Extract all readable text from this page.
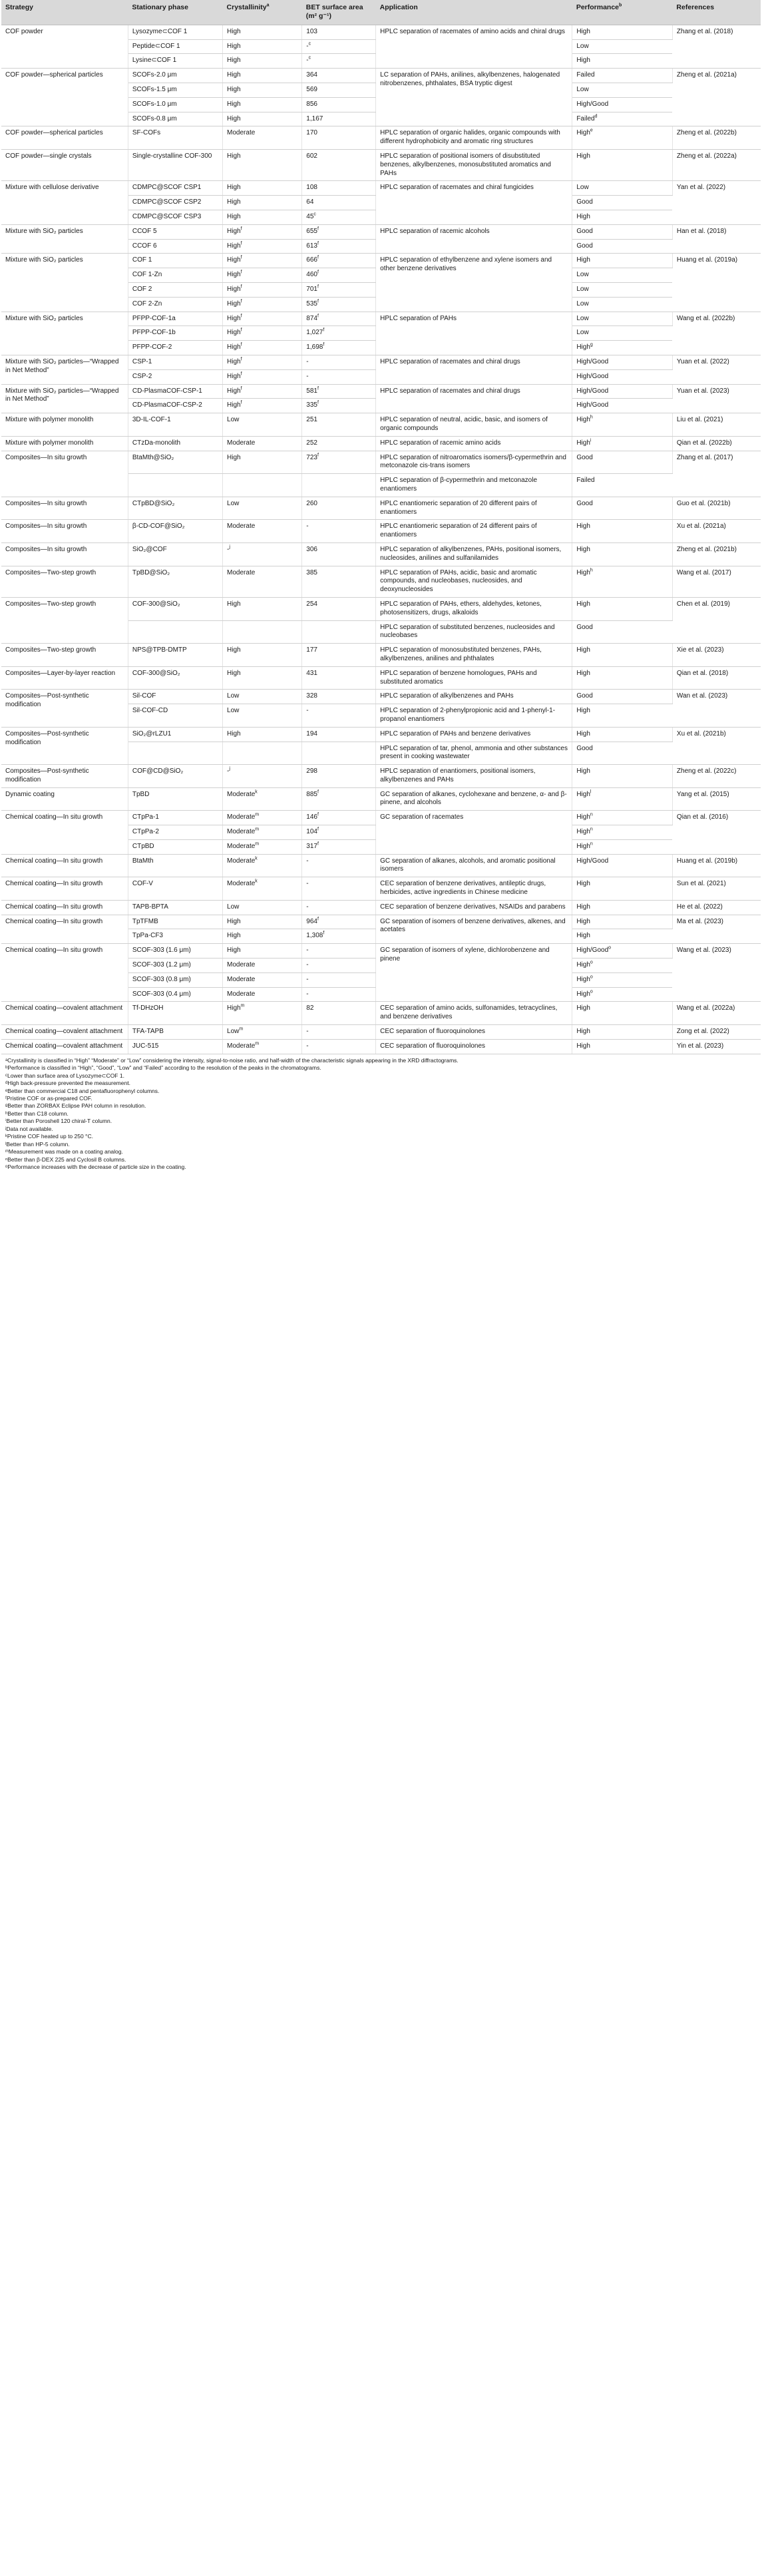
Strategy	Stationary phase	Crystallinity$^a$	BET surface area (m² g⁻¹)	Application	Performance$^b$	References
COF powder	Lysozyme⊂COF 1	High	103	HPLC separation of racemates of amino acids and chiral drugs	High	Zhang et al. (2018)
	Peptide⊂COF 1	High	-$^c$		Low	
	Lysine⊂COF 1	High	-$^c$		High	
COF powder—spherical particles	SCOFs-2.0 μm	High	364	LC separation of PAHs, anilines, alkylbenzenes, halogenated nitrobenzenes, phthalates, BSA tryptic digest	Failed	Zheng et al. (2021a)
	SCOFs-1.5 μm	High	569		Low	
	SCOFs-1.0 μm	High	856		High/Good	
	SCOFs-0.8 μm	High	1,167		Failed$^d$
COF powder—spherical particles	SF-COFs	Moderate	170	HPLC separation of organic halides, organic compounds with different hydrophobicity and aromatic ring structures	High$^e$	Zheng et al. (2022b)
COF powder—single crystals	Single-crystalline COF-300	High	602	HPLC separation of positional isomers of disubstituted benzenes, alkylbenzenes, monosubstituted aromatics and PAHs	High	Zheng et al. (2022a)
Mixture with cellulose derivative	CDMPC@SCOF CSP1	High	108	HPLC separation of racemates and chiral fungicides	Low	Yan et al. (2022)
	CDMPC@SCOF CSP2	High	64		Good	
	CDMPC@SCOF CSP3	High	45$^c$		High	
Mixture with SiO₂ particles	CCOF 5	High$^f$	655$^f$	HPLC separation of racemic alcohols	Good	Han et al. (2018)
	CCOF 6	High$^f$	613$^f$		Good	
Mixture with SiO₂ particles	COF 1	High$^f$	666$^f$	HPLC separation of ethylbenzene and xylene isomers and other benzene derivatives	High	Huang et al. (2019a)
	COF 1-Zn	High$^f$	460$^f$		Low	
	COF 2	High$^f$	701$^f$		Low	
	COF 2-Zn	High$^f$	535$^f$		Low	
Mixture with SiO₂ particles	PFPP-COF-1a	High$^f$	874$^f$	HPLC separation of PAHs	Low	Wang et al. (2022b)
	PFPP-COF-1b	High$^f$	1,027$^f$		Low	
	PFPP-COF-2	High$^f$	1,698$^f$		High$^g$
Mixture with SiO₂ particles—“Wrapped in Net Method”	CSP-1	High$^f$	-	HPLC separation of racemates and chiral drugs	High/Good	Yuan et al. (2022)
	CSP-2	High$^f$	-		High/Good	
Mixture with SiO₂ particles—“Wrapped in Net Method”	CD-PlasmaCOF-CSP-1	High$^f$	581$^f$	HPLC separation of racemates and chiral drugs	High/Good	Yuan et al. (2023)
	CD-PlasmaCOF-CSP-2	High$^f$	335$^f$		High/Good	
Mixture with polymer monolith	3D-IL-COF-1	Low	251	HPLC separation of neutral, acidic, basic, and isomers of organic compounds	High$^h$	Liu et al. (2021)
Mixture with polymer monolith	CTzDa-monolith	Moderate	252	HPLC separation of racemic amino acids	High$^i$	Qian et al. (2022b)
Composites—In situ growth	BtaMth@SiO₂	High	723$^f$	HPLC separation of nitroaromatics isomers/β-cypermethrin and metconazole cis-trans isomers	Good	Zhang et al. (2017)
				HPLC separation of β-cypermethrin and metconazole enantiomers	Failed	
Composites—In situ growth	CTpBD@SiO₂	Low	260	HPLC enantiomeric separation of 20 different pairs of enantiomers	Good	Guo et al. (2021b)
Composites—In situ growth	β-CD-COF@SiO₂	Moderate	-	HPLC enantiomeric separation of 24 different pairs of enantiomers	High	Xu et al. (2021a)
Composites—In situ growth	SiO₂@COF	-$^j$	306	HPLC separation of alkylbenzenes, PAHs, positional isomers, nucleosides, anilines and sulfanilamides	High	Zheng et al. (2021b)
Composites—Two-step growth	TpBD@SiO₂	Moderate	385	HPLC separation of PAHs, acidic, basic and aromatic compounds, and nucleobases, nucleosides, and deoxynucleosides	High$^h$	Wang et al. (2017)
Composites—Two-step growth	COF-300@SiO₂	High	254	HPLC separation of PAHs, ethers, aldehydes, ketones, photosensitizers, drugs, alkaloids	High	Chen et al. (2019)
				HPLC separation of substituted benzenes, nucleosides and nucleobases	Good	
Composites—Two-step growth	NPS@TPB-DMTP	High	177	HPLC separation of monosubstituted benzenes, PAHs, alkylbenzenes, anilines and phthalates	High	Xie et al. (2023)
Composites—Layer-by-layer reaction	COF-300@SiO₂	High	431	HPLC separation of benzene homologues, PAHs and substituted aromatics	High	Qian et al. (2018)
Composites—Post-synthetic modification	Sil-COF	Low	328	HPLC separation of alkylbenzenes and PAHs	Good	Wan et al. (2023)
	Sil-COF-CD	Low	-	HPLC separation of 2-phenylpropionic acid and 1-phenyl-1-propanol enantiomers	High	
Composites—Post-synthetic modification	SiO₂@rLZU1	High	194	HPLC separation of PAHs and benzene derivatives	High	Xu et al. (2021b)
				HPLC separation of tar, phenol, ammonia and other substances present in cooking wastewater	Good	
Composites—Post-synthetic modification	COF@CD@SiO₂	-$^j$	298	HPLC separation of enantiomers, positional isomers, alkylbenzenes and PAHs	High	Zheng et al. (2022c)
Dynamic coating	TpBD	Moderate$^k$	885$^f$	GC separation of alkanes, cyclohexane and benzene, α- and β-pinene, and alcohols	High$^l$	Yang et al. (2015)
Chemical coating—In situ growth	CTpPa-1	Moderate$^m$	146$^f$	GC separation of racemates	High$^n$	Qian et al. (2016)
	CTpPa-2	Moderate$^m$	104$^f$		High$^n$
	CTpBD	Moderate$^m$	317$^f$		High$^n$
Chemical coating—In situ growth	BtaMth	Moderate$^k$	-	GC separation of alkanes, alcohols, and aromatic positional isomers	High/Good	Huang et al. (2019b)
Chemical coating—In situ growth	COF-V	Moderate$^k$	-	CEC separation of benzene derivatives, antileptic drugs, herbicides, active ingredients in Chinese medicine	High	Sun et al. (2021)
Chemical coating—In situ growth	TAPB-BPTA	Low	-	CEC separation of benzene derivatives, NSAIDs and parabens	High	He et al. (2022)
Chemical coating—In situ growth	TpTFMB	High	964$^f$	GC separation of isomers of benzene derivatives, alkenes, and acetates	High	Ma et al. (2023)
	TpPa-CF3	High	1,308$^f$		High	
Chemical coating—In situ growth	SCOF-303 (1.6 μm)	High	-	GC separation of isomers of xylene, dichlorobenzene and pinene	High/Good$^o$	Wang et al. (2023)
	SCOF-303 (1.2 μm)	Moderate	-		High$^o$
	SCOF-303 (0.8 μm)	Moderate	-		High$^o$
	SCOF-303 (0.4 μm)	Moderate	-		High$^o$
Chemical coating—covalent attachment	Tf-DHzOH	High$^m$	82	CEC separation of amino acids, sulfonamides, tetracyclines, and benzene derivatives	High	Wang et al. (2022a)
Chemical coating—covalent attachment	TFA-TAPB	Low$^m$	-	CEC separation of fluoroquinolones	High	Zong et al. (2022)
Chemical coating—covalent attachment	JUC-515	Moderate$^m$	-	CEC separation of fluoroquinolones	High	Yin et al. (2023)
ᵃCrystallinity is classified in “High” “Moderate” or “Low” considering the intensity, signal-to-noise ratio, and half-width of the characteristic signals appearing in the XRD diffractograms.
ᵇPerformance is classified in “High”, “Good”, “Low” and “Failed” according to the resolution of the peaks in the chromatograms.
ᶜLower than surface area of Lysozyme⊂COF 1.
ᵈHigh back-pressure prevented the measurement.
ᵉBetter than commercial C18 and pentafluorophenyl columns.
ᶠPristine COF or as-prepared COF.
ᵍBetter than ZORBAX Eclipse PAH column in resolution.
ʰBetter than C18 column.
ⁱBetter than Poroshell 120 chiral-T column.
ʲData not available.
ᵏPristine COF heated up to 250 °C.
ˡBetter than HP-5 column.
ᵐMeasurement was made on a coating analog.
ⁿBetter than β-DEX 225 and Cyclosil B columns.
ᵒPerformance increases with the decrease of particle size in the coating.
